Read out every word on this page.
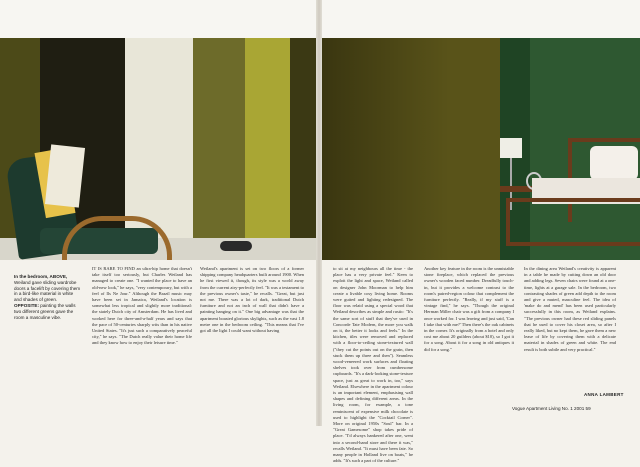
In the bedroom, ABOVE, Weiland gave sliding wardrobe doors a facelift by covering them in a bird-like material in white and shades of green. OPPOSITE: painting the walls two different greens gave the room a masculine vibe.

IT IS RARE TO FIND an ultra-hip home that doesn't take itself too seriously, but Charles Weiland has managed to create one. "I wanted the place to have an old-new look," he says, "very contemporary, but with a feel of Ils Ne Jour." Although the Brazil music may have been set in Jamaica, Weiland's location is somewhat less tropical and slightly more traditional: the stately Dutch city of Amsterdam. He has lived and worked here for three-and-a-half years and says that the pace of 50-centuries sharply wits than in his native United States. "It's just such a comparatively peaceful city," he says. "The Dutch really value their home life and they know how to enjoy their leisure time."

Weiland's apartment is set on two floors of a former shipping company headquarters built around 1900. When he first viewed it, though, its style was a world away from the current airy-perfectly feel. "It was a testament to the previous owner's taste," he recalls. "Great, but just not me. There was a lot of dark, traditional Dutch furniture and not an inch of wall that didn't have a painting hanging on it." One big advantage was that the apartment boasted glorious skylights, such as the vast 1.8 metre one in the bedroom ceiling. "This means that I've got all the light I could want without having

to sit at my neighbours all the time - the place has a very private feel." Keen to exploit the light and space, Weiland called on designer John Moorman to help him create a livable cosy living home. Rooms were gutted and lighting redesigned. The floor was relaid using a special wood that Weiland describes as simple and rustic: "It's the same sort of stuff that they've used in Concorde Tate Modern, the more you walk on it, the better it looks and feels." In the kitchen, tiles were removed and replaced with a floor-to-ceiling stone-textured wall ("they cut the points out on the grain, then stuck them up three and then"). Seamless wood-veneered work surfaces and floating shelves took over from cumbersome cupboards. "It's a dark-looking stone-texture space, just as great to work in, too," says Weiland. Elsewhere in the apartment colour is an important element, emphasising wall shapes and defining different areas. In the living room, for example, a tone reminiscent of expensive milk chocolate is used to highlight the "Cocktail Corner". More on original 1950s "Soul" bar. In a "Great Gamesome" shop takes pride of place. "I'd always hankered after one, went into a second-hand store and there it was," recalls Weiland. "It must have been fate. So many people in Holland live on boats," he adds. "It's such a part of the culture."

Another key feature in the room is the unmistable stone fireplace, which replaced the previous owner's wooden faced number. Dreadfully touch-in, but it provides a welcome contrast to the room's paired-region colour that complement the furniture perfectly. "Really, if my stuff is a vintage find," he says. "Though the original Herman Miller chair was a gift from a company I once worked for. I was leaving and just said, 'Can I take that with me?' Then there's the oak cabinets in the corner. It's originally from a hotel and only cost me about 20 guilders (about $10), so I got it for a song. About it for a song in old antiques it did for a song."

In the dining area Weiland's creativity is apparent in a table he made by cutting down an old door and adding legs. Seven chairs were found at a one-time, lights at a garage sale. In the bedroom, two contrasting shades of green add depth to the room and give a muted, masculine feel. The idea of 'make do and mend' has been used particularly successfully in this room, as Weiland explains. "The previous owner had these red sliding panels that he used to cover his closet area, so after I really liked, but no kept them, he gave them a new lease of life by covering them with a delicate material in shades of green and white. The end result is both subtle and very practical."

ANNA LAMBERT
Vogue Apartment Living No. 1 2001 59
